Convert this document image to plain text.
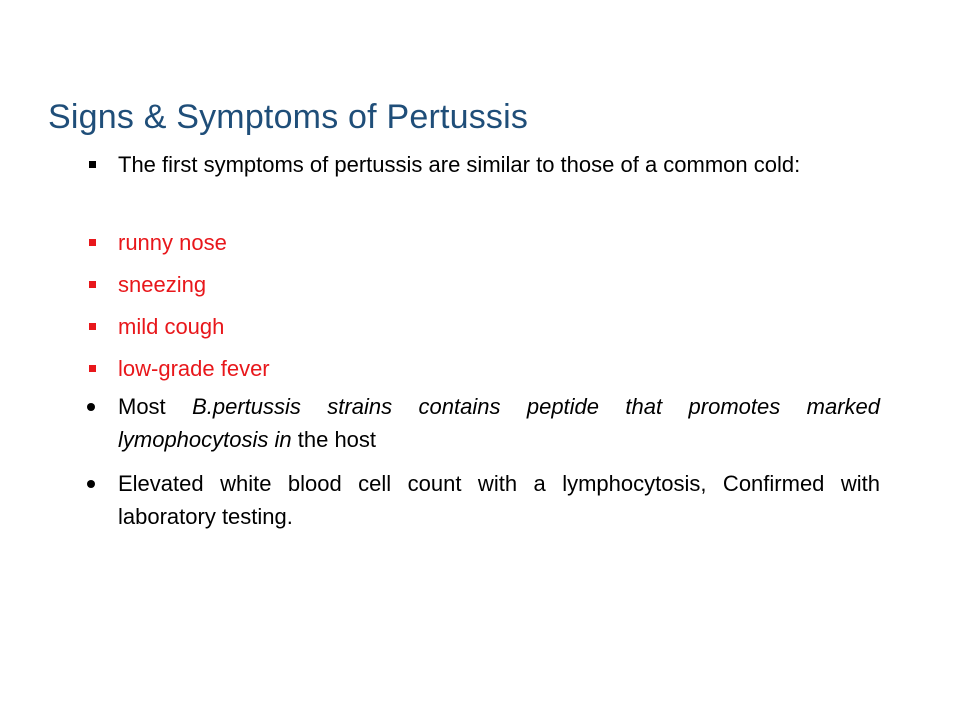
Signs & Symptoms of Pertussis
The first symptoms of pertussis are similar to those of a common cold:
runny nose
sneezing
mild cough
low-grade fever
Most B.pertussis strains contains peptide that promotes marked lymophocytosis in the host
Elevated white blood cell count with a lymphocytosis, Confirmed with laboratory testing.
